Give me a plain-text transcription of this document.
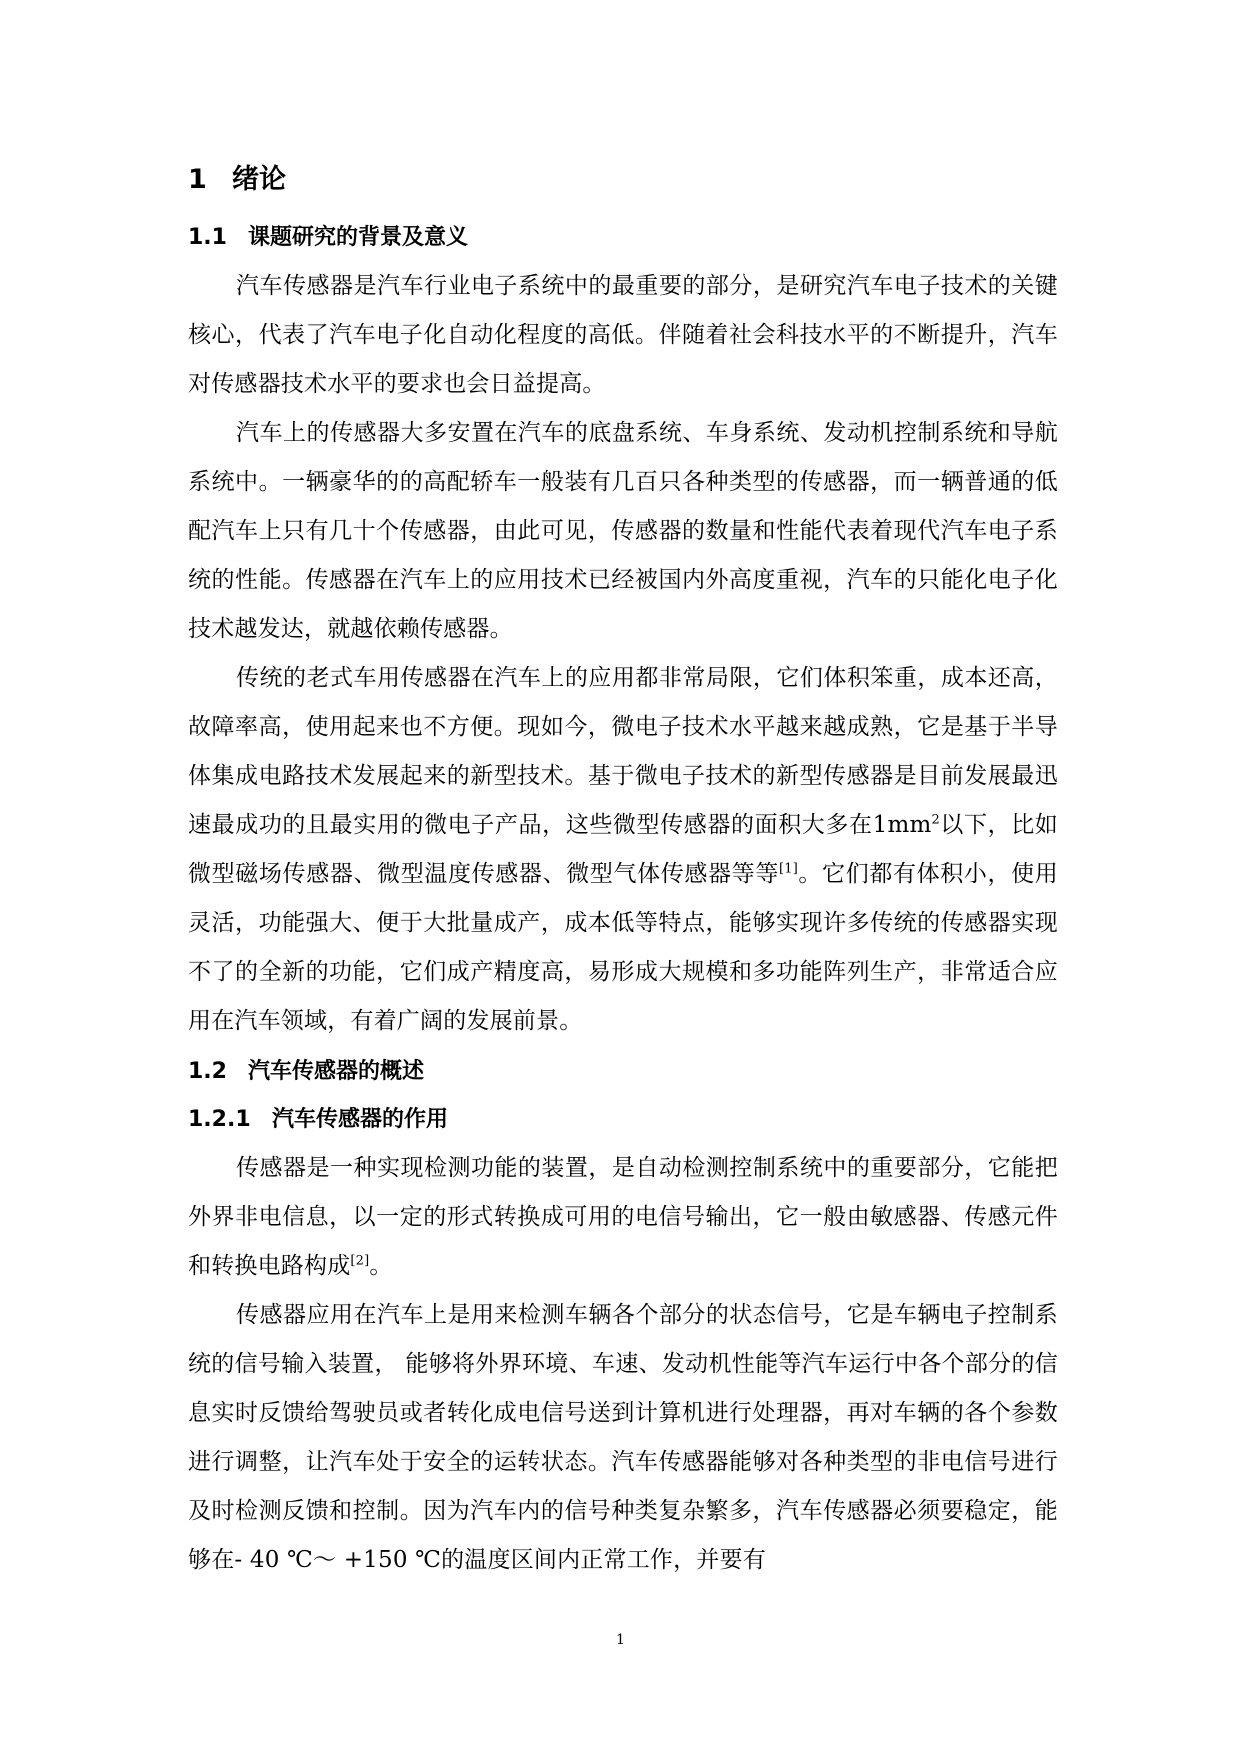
1 绪论
1.1 课题研究的背景及意义

汽车传感器是汽车行业电子系统中的最重要的部分，是研究汽车电子技术的关键核心，代表了汽车电子化自动化程度的高低。伴随着社会科技水平的不断提升，汽车对传感器技术水平的要求也会日益提高。

汽车上的传感器大多安置在汽车的底盘系统、车身系统、发动机控制系统和导航系统中。一辆豪华的的高配轿车一般装有几百只各种类型的传感器，而一辆普通的低配汽车上只有几十个传感器，由此可见，传感器的数量和性能代表着现代汽车电子系统的性能。传感器在汽车上的应用技术已经被国内外高度重视，汽车的只能化电子化技术越发达，就越依赖传感器。

传统的老式车用传感器在汽车上的应用都非常局限，它们体积笨重，成本还高，故障率高，使用起来也不方便。现如今，微电子技术水平越来越成熟，它是基于半导体集成电路技术发展起来的新型技术。基于微电子技术的新型传感器是目前发展最迅速最成功的且最实用的微电子产品，这些微型传感器的面积大多在$1mm^2$以下，比如微型磁场传感器、微型温度传感器、微型气体传感器等等[1]。它们都有体积小，使用灵活，功能强大、便于大批量成产，成本低等特点，能够实现许多传统的传感器实现不了的全新的功能，它们成产精度高，易形成大规模和多功能阵列生产，非常适合应用在汽车领域，有着广阔的发展前景。

1.2 汽车传感器的概述
1.2.1 汽车传感器的作用

传感器是一种实现检测功能的装置，是自动检测控制系统中的重要部分，它能把外界非电信息，以一定的形式转换成可用的电信号输出，它一般由敏感器、传感元件和转换电路构成[2]。

传感器应用在汽车上是用来检测车辆各个部分的状态信号，它是车辆电子控制系统的信号输入装置， 能够将外界环境、车速、发动机性能等汽车运行中各个部分的信息实时反馈给驾驶员或者转化成电信号送到计算机进行处理器，再对车辆的各个参数进行调整，让汽车处于安全的运转状态。汽车传感器能够对各种类型的非电信号进行及时检测反馈和控制。因为汽车内的信号种类复杂繁多，汽车传感器必须要稳定，能够在- 40 ℃～ +150 ℃的温度区间内正常工作，并要有

1
